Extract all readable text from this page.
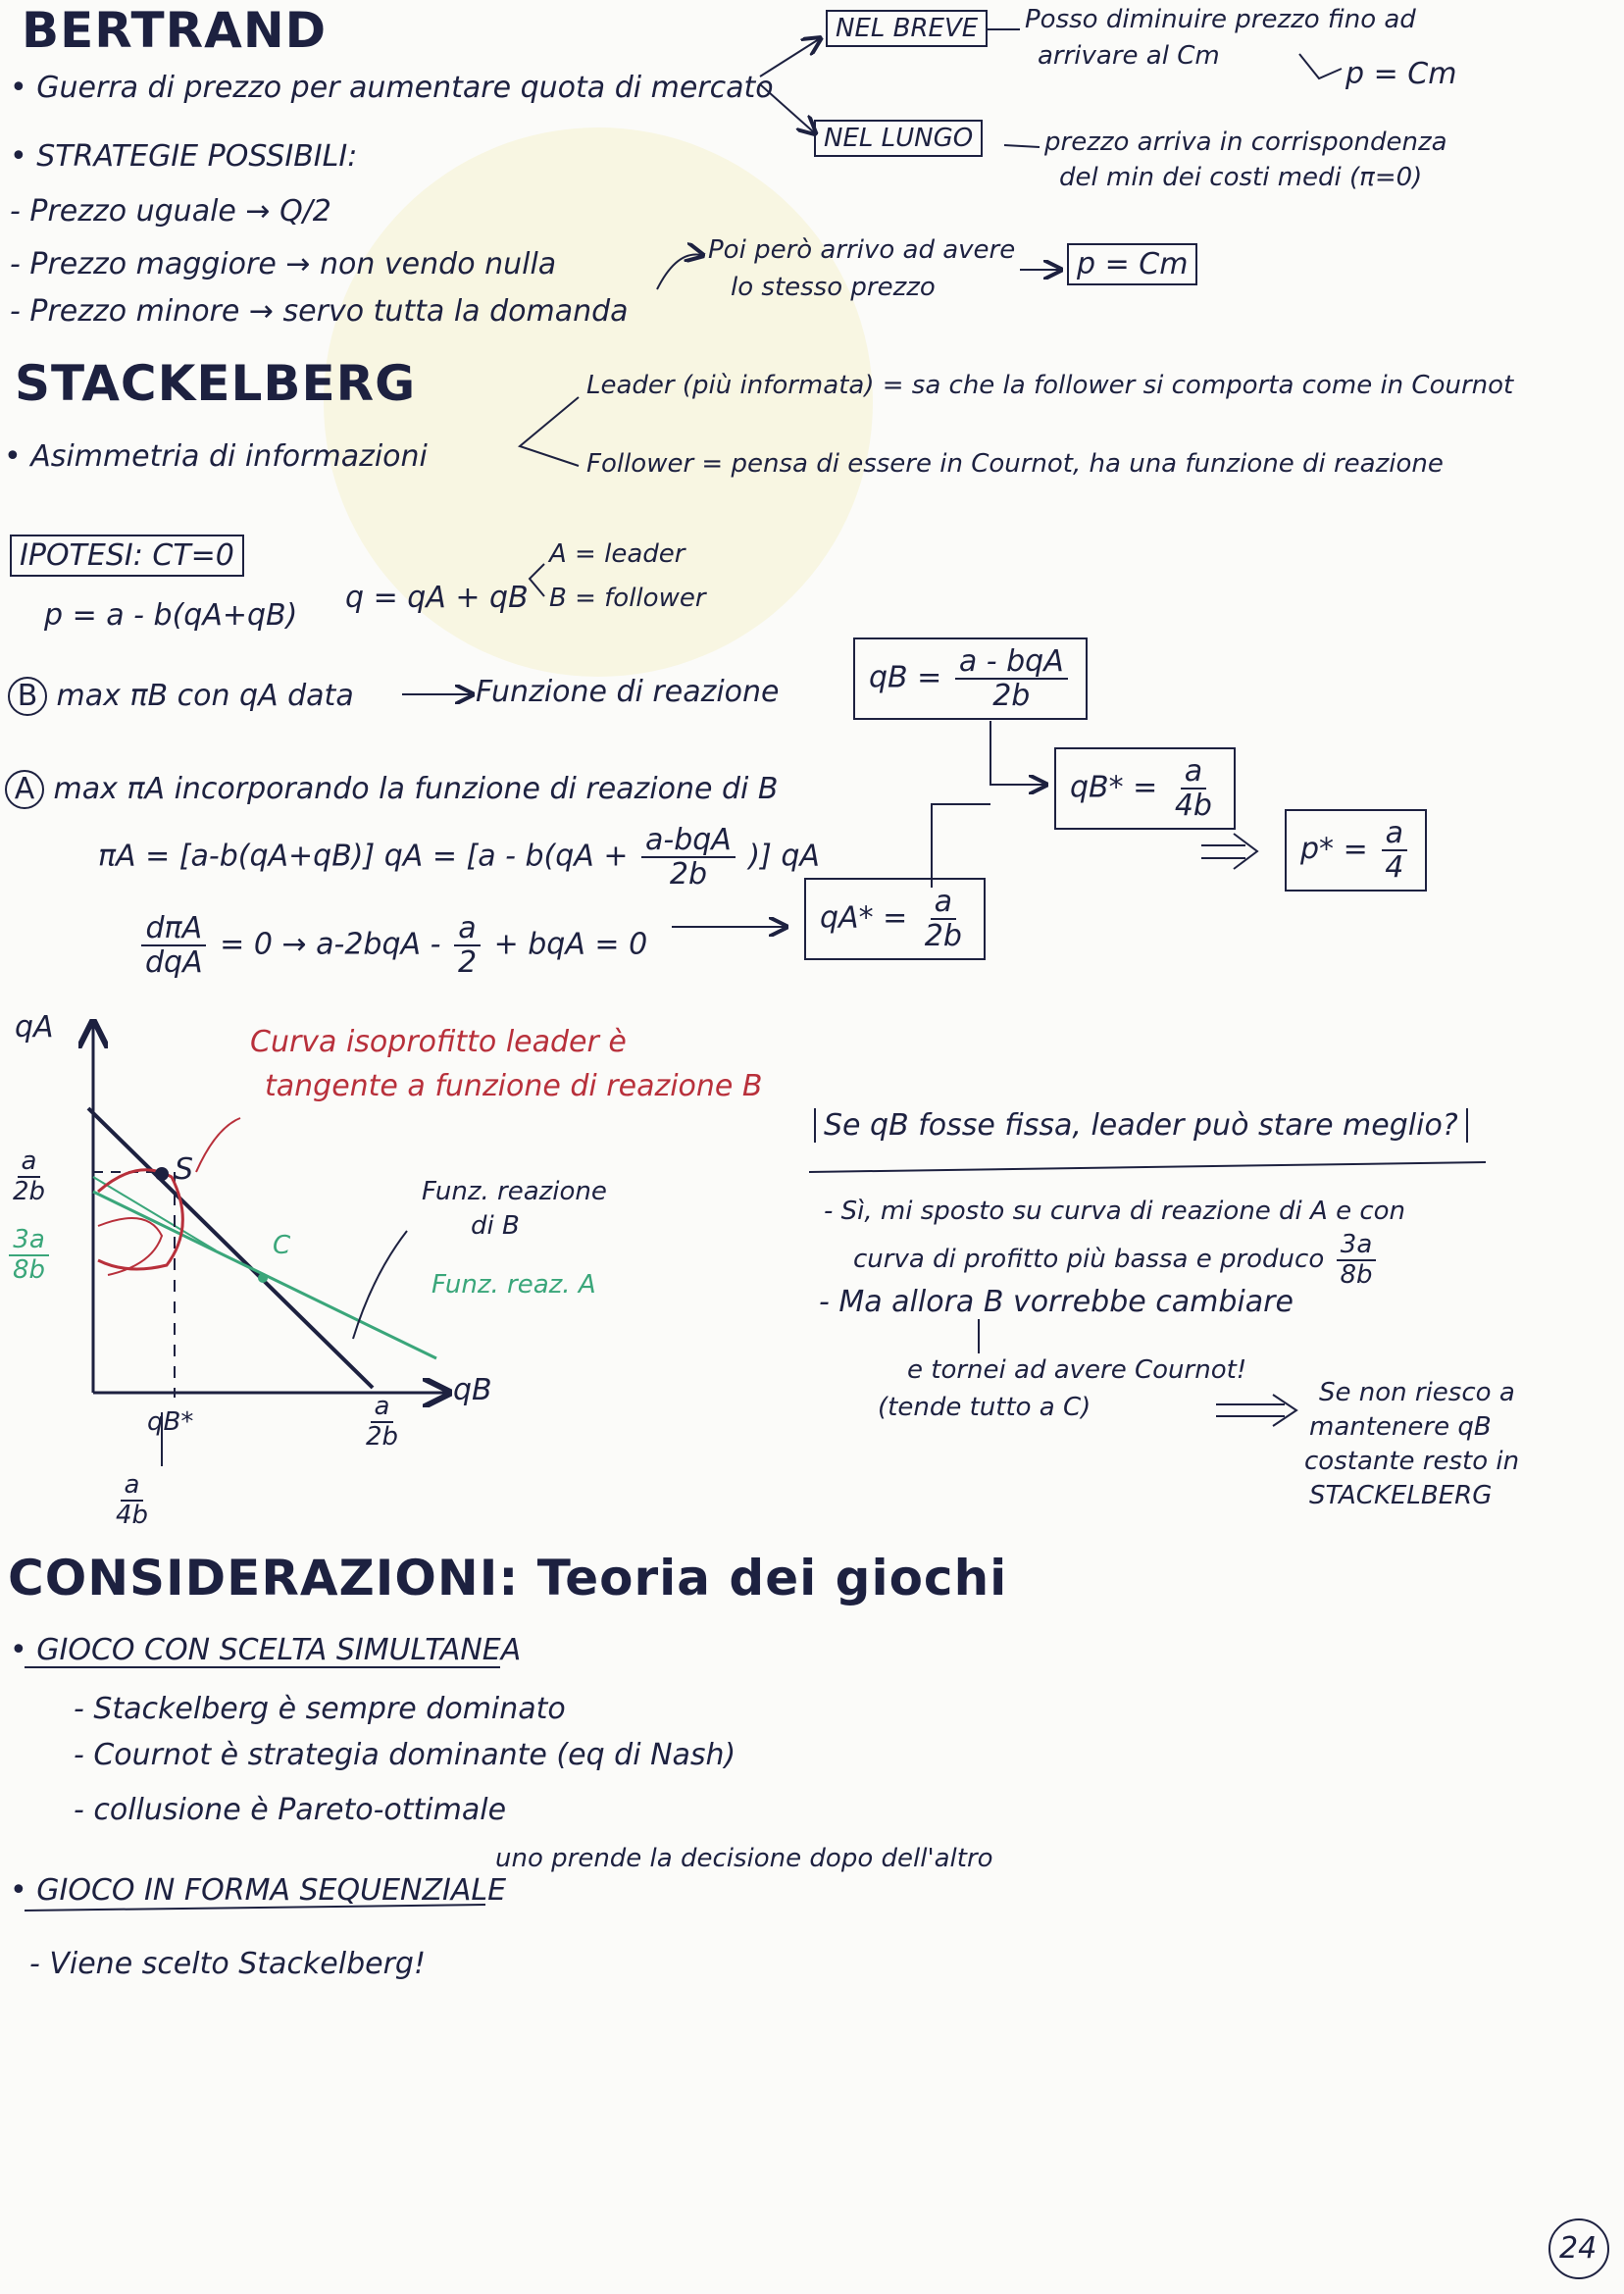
BERTRAND
• Guerra di prezzo per aumentare quota di mercato
• STRATEGIE POSSIBILI:
- Prezzo uguale → Q/2
- Prezzo maggiore → non vendo nulla
- Prezzo minore → servo tutta la domanda
Poi però arrivo ad avere
lo stesso prezzo
p = Cm
NEL BREVE	Posso diminuire prezzo fino ad
arrivare al Cm
p = Cm
NEL LUNGO	prezzo arriva in corrispondenza
del min dei costi medi (π=0)
STACKELBERG
• Asimmetria di informazioni
Leader (più informata) = sa che la follower si comporta come in Cournot
Follower = pensa di essere in Cournot, ha una funzione di reazione
IPOTESI: CT=0
p = a - b(qA+qB)
q = qA + qB
A = leader
B = follower
B max πB con qA data	Funzione di reazione	qB = $\frac{\text{a - bqA}}{2b}$
A max πA incorporando la funzione di reazione di B
πA = [a-b(qA+qB)] qA = [$a - b(qA + \frac{\text{a-bqA}}{2b}$ )] qA
$\frac{\text{dπA}}{\text{dqA}} = 0 \to a-2bqA - \frac{a}{2}$ + bqA = 0
$qA* = \frac{a}{2b}$
$qB* = \frac{a}{4b}$
$p* = \frac{a}{4}$
qA
qB
$\frac{a}{2b}$
$\frac{3a}{8b}$
qB*	$\frac{a}{2b}$
$\frac{a}{4b}$
S
C
Curva isoprofitto leader è
tangente a funzione di reazione B
Funz. reazione
di B
Funz. reaz. A
Se qB fosse fissa, leader può stare meglio?
- Sì, mi sposto su curva di reazione di A e con
curva di profitto più bassa e produco $\frac{3a}{8b}$
- Ma allora B vorrebbe cambiare
e tornei ad avere Cournot!
(tende tutto a C)	Se non riesco a
mantenere qB
costante resto in
STACKELBERG
CONSIDERAZIONI: Teoria dei giochi
• GIOCO CON SCELTA SIMULTANEA
- Stackelberg è sempre dominato
- Cournot è strategia dominante (eq di Nash)
- collusione è Pareto-ottimale
• GIOCO IN FORMA SEQUENZIALE
uno prende la decisione dopo dell'altro
- Viene scelto Stackelberg!
24
